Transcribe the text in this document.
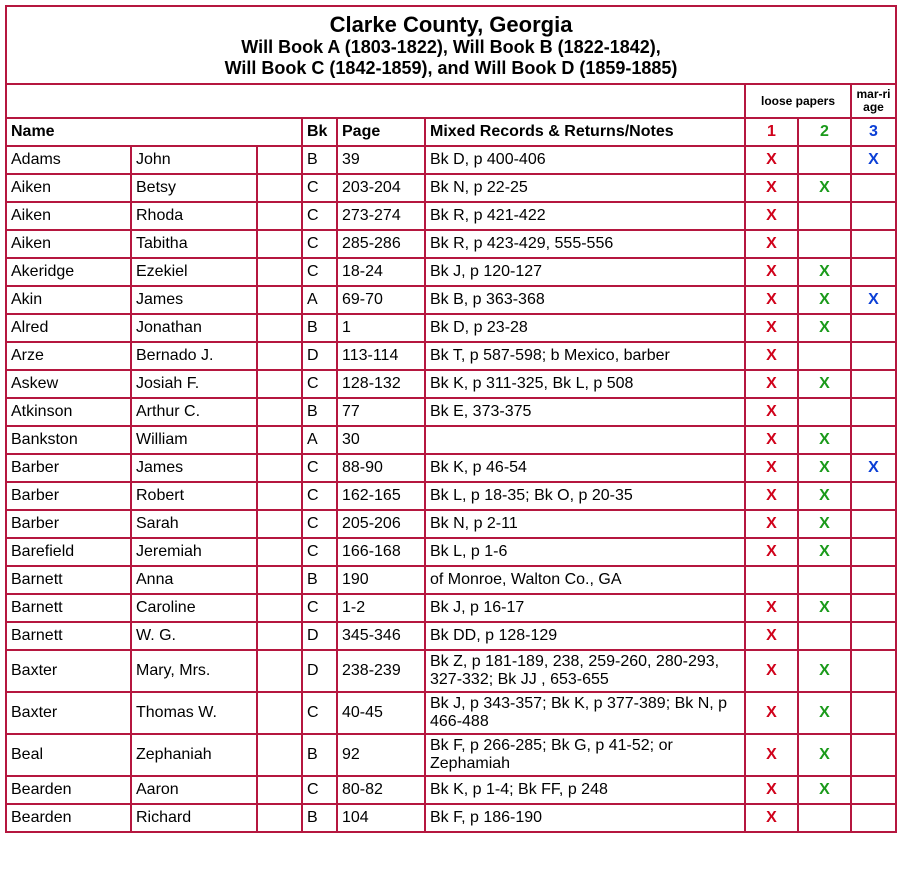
Clarke County, Georgia
Will Book A (1803-1822), Will Book B (1822-1842),
Will Book C (1842-1859), and Will Book D (1859-1885)								

						loose papers		mar-riage
Name			Bk	Page	Mixed Records & Returns/Notes	1	2	3
Adams	John		B	39	Bk D, p 400-406	X		X
Aiken	Betsy		C	203-204	Bk N, p 22-25	X	X	
Aiken	Rhoda		C	273-274	Bk R, p 421-422	X		
Aiken	Tabitha		C	285-286	Bk R, p 423-429, 555-556	X		
Akeridge	Ezekiel		C	18-24	Bk J, p 120-127	X	X	
Akin	James		A	69-70	Bk B, p 363-368	X	X	X
Alred	Jonathan		B	1	Bk D, p 23-28	X	X	
Arze	Bernado J.		D	113-114	Bk T, p 587-598; b Mexico, barber	X		
Askew	Josiah F.		C	128-132	Bk K, p 311-325, Bk L, p 508	X	X	
Atkinson	Arthur C.		B	77	Bk E, 373-375	X		
Bankston	William		A	30		X	X	
Barber	James		C	88-90	Bk K, p 46-54	X	X	X
Barber	Robert		C	162-165	Bk L, p 18-35; Bk O, p 20-35	X	X	
Barber	Sarah		C	205-206	Bk N, p 2-11	X	X	
Barefield	Jeremiah		C	166-168	Bk L, p 1-6	X	X	
Barnett	Anna		B	190	of Monroe, Walton Co., GA			
Barnett	Caroline		C	1-2	Bk J, p 16-17	X	X	
Barnett	W. G.		D	345-346	Bk DD, p 128-129	X		
Baxter	Mary, Mrs.		D	238-239	Bk Z, p 181-189, 238, 259-260, 280-293, 327-332; Bk JJ , 653-655	X	X	
Baxter	Thomas W.		C	40-45	Bk J, p 343-357; Bk K, p 377-389; Bk N, p 466-488	X	X	
Beal	Zephaniah		B	92	Bk F, p 266-285; Bk G, p 41-52; or Zephamiah	X	X	
Bearden	Aaron		C	80-82	Bk K, p 1-4; Bk FF, p 248	X	X	
Bearden	Richard		B	104	Bk F, p 186-190	X		
